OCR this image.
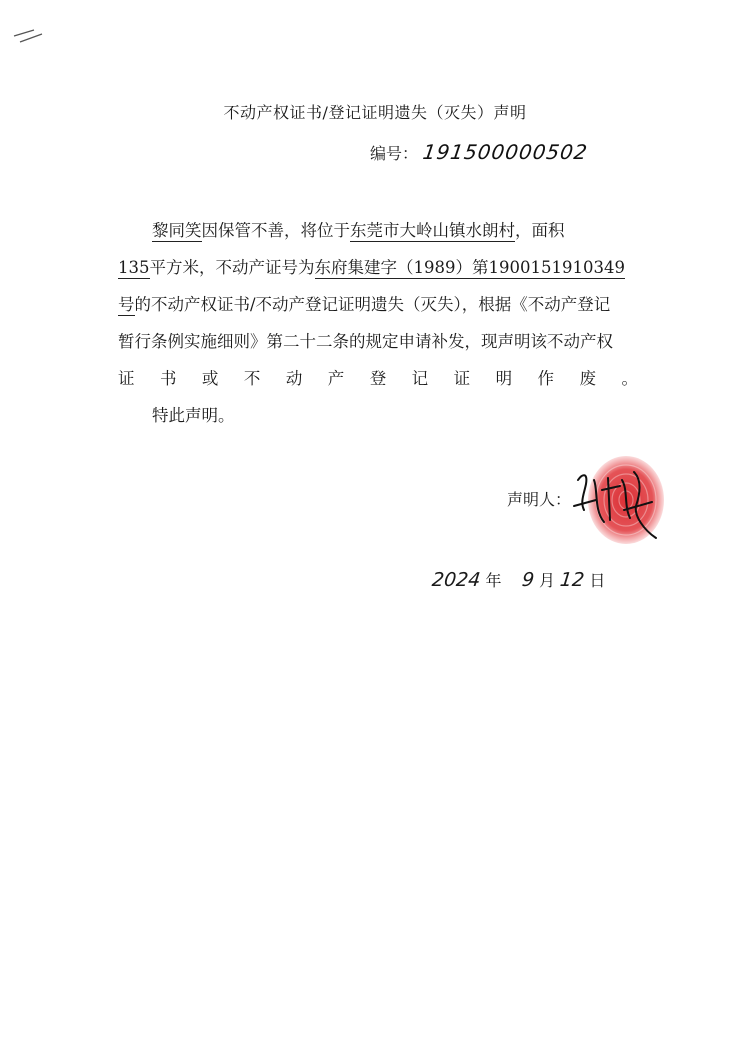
不动产权证书/登记证明遗失（灭失）声明
编号： 191500000502
黎同笑因保管不善，将位于东莞市大岭山镇水朗村，面积
135平方米，不动产证号为东府集建字（1989）第1900151910349
号的不动产权证书/不动产登记证明遗失（灭失），根据《不动产登记
暂行条例实施细则》第二十二条的规定申请补发，现声明该不动产权
证 书 或 不 动 产 登 记 证 明 作 废 。
特此声明。
声明人：
2024 年 9 月 12 日
